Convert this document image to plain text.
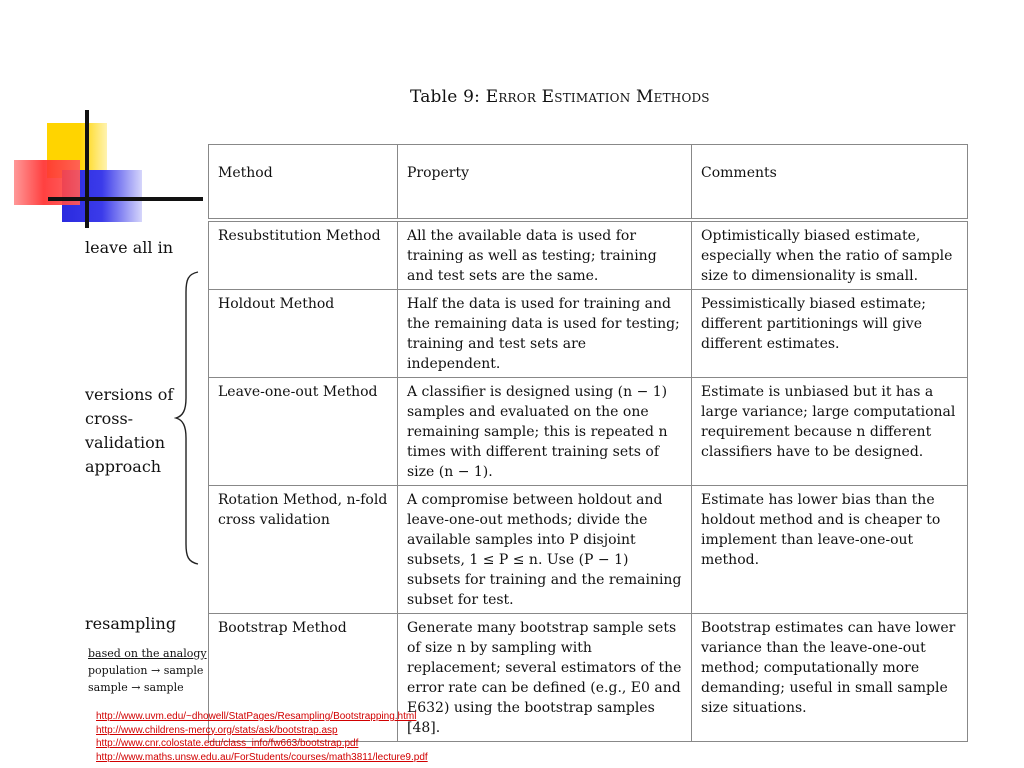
Table 9: Error Estimation Methods
Method	Property	Comments
Resubstitution Method	All the available data is used for training as well as testing; training and test sets are the same.	Optimistically biased estimate, especially when the ratio of sample size to dimensionality is small.
Holdout Method	Half the data is used for training and the remaining data is used for testing; training and test sets are independent.	Pessimistically biased estimate; different partitionings will give different estimates.
Leave-one-out Method	A classifier is designed using (n − 1) samples and evaluated on the one remaining sample; this is repeated n times with different training sets of size (n − 1).	Estimate is unbiased but it has a large variance; large computational requirement because n different classifiers have to be designed.
Rotation Method, n-fold cross validation	A compromise between holdout and leave-one-out methods; divide the available samples into P disjoint subsets, 1 ≤ P ≤ n. Use (P − 1) subsets for training and the remaining subset for test.	Estimate has lower bias than the holdout method and is cheaper to implement than leave-one-out method.
Bootstrap Method	Generate many bootstrap sample sets of size n by sampling with replacement; several estimators of the error rate can be defined (e.g., E0 and E632) using the bootstrap samples [48].	Bootstrap estimates can have lower variance than the leave-one-out method; computationally more demanding; useful in small sample size situations.
leave all in
versions of
cross-
validation
approach
resampling
based on the analogy
population → sample
sample → sample
http://www.uvm.edu/~dhowell/StatPages/Resampling/Bootstrapping.html
http://www.childrens-mercy.org/stats/ask/bootstrap.asp
http://www.cnr.colostate.edu/class_info/fw663/bootstrap.pdf
http://www.maths.unsw.edu.au/ForStudents/courses/math3811/lecture9.pdf
